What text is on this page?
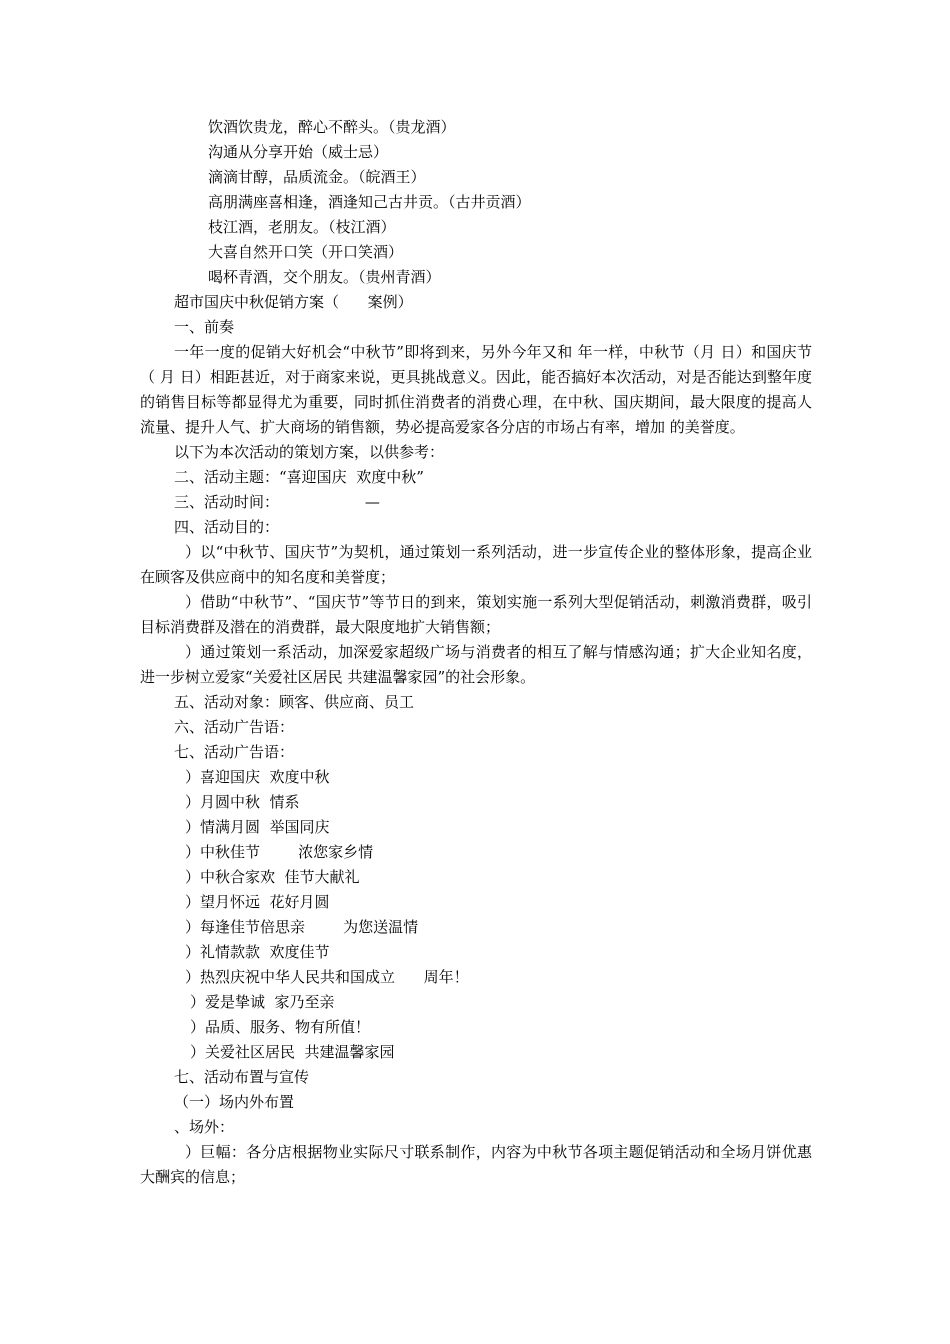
饮酒饮贵龙，醉心不醉头。（贵龙酒）

沟通从分享开始（威士忌）

滴滴甘醇，品质流金。（皖酒王）

高朋满座喜相逢，酒逢知己古井贡。（古井贡酒）

枝江酒，老朋友。（枝江酒）

大喜自然开口笑（开口笑酒）

喝杯青酒，交个朋友。（贵州青酒）

超市国庆中秋促销方案（      案例）

一、前奏

一年一度的促销大好机会“中秋节”即将到来，另外今年又和 年一样，中秋节（月 日）和国庆节（ 月 日）相距甚近，对于商家来说，更具挑战意义。因此，能否搞好本次活动，对是否能达到整年度的销售目标等都显得尤为重要，同时抓住消费者的消费心理，在中秋、国庆期间，最大限度的提高人流量、提升人气、扩大商场的销售额，势必提高爱家各分店的市场占有率，增加 的美誉度。

以下为本次活动的策划方案，以供参考：

二、活动主题：“喜迎国庆  欢度中秋”

三、活动时间：                  —

四、活动目的：

）以“中秋节、国庆节”为契机，通过策划一系列活动，进一步宣传企业的整体形象，提高企业在顾客及供应商中的知名度和美誉度；

）借助“中秋节”、“国庆节”等节日的到来，策划实施一系列大型促销活动，刺激消费群，吸引目标消费群及潜在的消费群，最大限度地扩大销售额；

）通过策划一系活动，加深爱家超级广场与消费者的相互了解与情感沟通；扩大企业知名度，进一步树立爱家“关爱社区居民 共建温馨家园”的社会形象。

五、活动对象：顾客、供应商、员工

六、活动广告语：

七、活动广告语：

）喜迎国庆  欢度中秋

）月圆中秋  情系

）情满月圆  举国同庆

）中秋佳节        浓您家乡情

）中秋合家欢  佳节大献礼

）望月怀远  花好月圆

）每逢佳节倍思亲        为您送温情

）礼情款款  欢度佳节

）热烈庆祝中华人民共和国成立      周年！

）爱是挚诚  家乃至亲

）品质、服务、物有所值！

）关爱社区居民  共建温馨家园

七、活动布置与宣传

（一）场内外布置

、场外：

）巨幅：各分店根据物业实际尺寸联系制作，内容为中秋节各项主题促销活动和全场月饼优惠大酬宾的信息；
